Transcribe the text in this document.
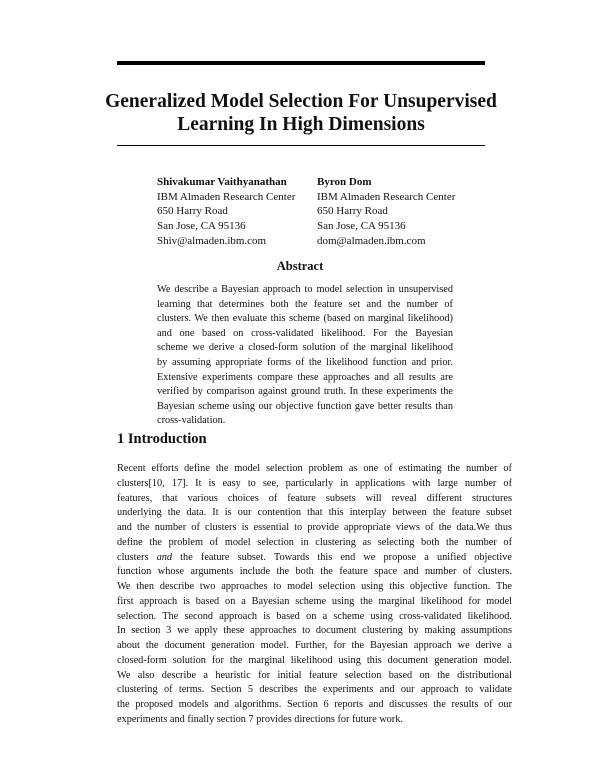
Generalized Model Selection For Unsupervised
Learning In High Dimensions
Shivakumar Vaithyanathan
IBM Almaden Research Center
650 Harry Road
San Jose, CA 95136
Shiv@almaden.ibm.com
Byron Dom
IBM Almaden Research Center
650 Harry Road
San Jose, CA 95136
dom@almaden.ibm.com
Abstract
We describe a Bayesian approach to model selection in unsupervised
learning that determines both the feature set and the number of
clusters. We then evaluate this scheme (based on marginal likelihood)
and one based on cross-validated likelihood. For the Bayesian
scheme we derive a closed-form solution of the marginal likelihood
by assuming appropriate forms of the likelihood function and prior.
Extensive experiments compare these approaches and all results are
verified by comparison against ground truth. In these experiments the
Bayesian scheme using our objective function gave better results than
cross-validation.
1 Introduction
Recent efforts define the model selection problem as one of estimating the number of
clusters[10, 17]. It is easy to see, particularly in applications with large number of
features, that various choices of feature subsets will reveal different structures
underlying the data. It is our contention that this interplay between the feature subset
and the number of clusters is essential to provide appropriate views of the data.We thus
define the problem of model selection in clustering as selecting both the number of
clusters and the feature subset. Towards this end we propose a unified objective
function whose arguments include the both the feature space and number of clusters.
We then describe two approaches to model selection using this objective function. The
first approach is based on a Bayesian scheme using the marginal likelihood for model
selection. The second approach is based on a scheme using cross-validated likelihood.
In section 3 we apply these approaches to document clustering by making assumptions
about the document generation model. Further, for the Bayesian approach we derive a
closed-form solution for the marginal likelihood using this document generation model.
We also describe a heuristic for initial feature selection based on the distributional
clustering of terms. Section 5 describes the experiments and our approach to validate
the proposed models and algorithms. Section 6 reports and discusses the results of our
experiments and finally section 7 provides directions for future work.
